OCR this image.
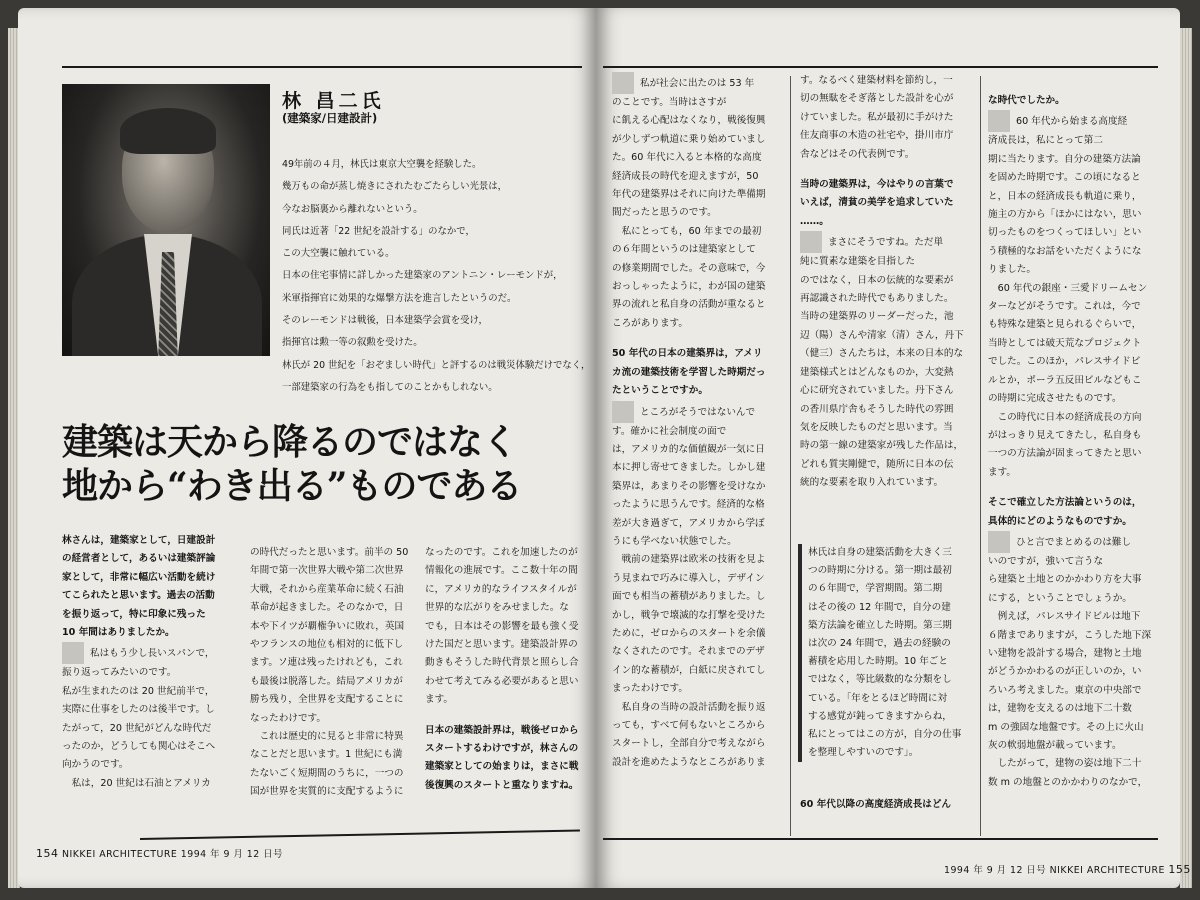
林 昌二氏
(建築家/日建設計)

49年前の４月，林氏は東京大空襲を経験した。

幾万もの命が蒸し焼きにされたむごたらしい光景は，

今なお脳裏から離れないという。

同氏は近著「22 世紀を設計する」のなかで，

この大空襲に触れている。

日本の住宅事情に詳しかった建築家のアントニン・レーモンドが，

米軍指揮官に効果的な爆撃方法を進言したというのだ。

そのレーモンドは戦後，日本建築学会賞を受け，

指揮官は勲一等の叙勲を受けた。

林氏が 20 世紀を「おぞましい時代」と評するのは戦災体験だけでなく，

一部建築家の行為をも指してのことかもしれない。

建築は天から降るのではなく
地から“わき出る”ものである

林さんは，建築家として，日建設計

の経営者として，あるいは建築評論

家として，非常に幅広い活動を続け

てこられたと思います。過去の活動

を振り返って，特に印象に残った

10 年間はありましたか。

私はもう少し長いスパンで，

振り返ってみたいのです。

私が生まれたのは 20 世紀前半で，

実際に仕事をしたのは後半です。し

たがって，20 世紀がどんな時代だ

ったのか，どうしても関心はそこへ

向かうのです。

　私は，20 世紀は石油とアメリカ

の時代だったと思います。前半の 50

年間で第一次世界大戦や第二次世界

大戦，それから産業革命に続く石油

革命が起きました。そのなかで，日

本や下イツが覇権争いに敗れ，英国

やフランスの地位も相対的に低下し

ます。ソ連は残ったけれども，これ

も最後は脱落した。結局アメリカが

勝ち残り，全世界を支配することに

なったわけです。

　これは歴史的に見ると非常に特異

なことだと思います。1 世紀にも満

たないごく短期間のうちに，一つの

国が世界を実質的に支配するように

なったのです。これを加速したのが

情報化の進展です。ここ数十年の間

に，アメリカ的なライフスタイルが

世界的な広がりをみせました。な

でも，日本はその影響を最も強く受

けた国だと思います。建築設計界の

動きもそうした時代背景と照らし合

わせて考えてみる必要があると思い

ます。

日本の建築設計界は，戦後ゼロから

スタートするわけですが，林さんの

建築家としての始まりは，まさに戦

後復興のスタートと重なりますね。

154 NIKKEI ARCHITECTURE 1994 年 9 月 12 日号

私が社会に出たのは 53 年

のことです。当時はさすが

に飢える心配はなくなり，戦後復興

が少しずつ軌道に乗り始めていまし

た。60 年代に入ると本格的な高度

経済成長の時代を迎えますが，50

年代の建築界はそれに向けた準備期

間だったと思うのです。

　私にとっても，60 年までの最初

の６年間というのは建築家として

の修業期間でした。その意味で，今

おっしゃったように，わが国の建築

界の流れと私自身の活動が重なると

ころがあります。

50 年代の日本の建築界は，アメリ

カ流の建築技術を学習した時期だっ

たということですか。

ところがそうではないんで

す。確かに社会制度の面で

は，アメリカ的な価値観が一気に日

本に押し寄せてきました。しかし建

築界は，あまりその影響を受けなか

ったように思うんです。経済的な格

差が大き過ぎて，アメリカから学ぼ

うにも学べない状態でした。

　戦前の建築界は欧米の技術を見よ

う見まねで巧みに導入し，デザイン

面でも相当の蓄積がありました。し

かし，戦争で壊滅的な打撃を受けた

ために，ゼロからのスタートを余儀

なくされたのです。それまでのデザ

イン的な蓄積が，白紙に戻されてし

まったわけです。

　私自身の当時の設計活動を振り返

っても，すべて何もないところから

スタートし，全部自分で考えながら

設計を進めたようなところがありま

す。なるべく建築材料を節約し，一

切の無駄をそぎ落とした設計を心が

けていました。私が最初に手がけた

住友商事の木造の社宅や，掛川市庁

舎などはその代表例です。

当時の建築界は，今はやりの言葉で

いえば，清貧の美学を追求していた

……。

まさにそうですね。ただ単

純に質素な建築を目指した

のではなく，日本の伝統的な要素が

再認識された時代でもありました。

当時の建築界のリーダーだった，池

辺（陽）さんや清家（清）さん，丹下

（健三）さんたちは，本来の日本的な

建築様式とはどんなものか，大変熱

心に研究されていました。丹下さん

の香川県庁舎もそうした時代の雰囲

気を反映したものだと思います。当

時の第一線の建築家が残した作品は，

どれも質実剛健で，随所に日本の伝

統的な要素を取り入れています。

林氏は自身の建築活動を大きく三

つの時期に分ける。第一期は最初

の６年間で，学習期間。第二期

はその後の 12 年間で，自分の建

築方法論を確立した時期。第三期

は次の 24 年間で，過去の経験の

蓄積を応用した時期。10 年ごと

ではなく，等比級数的な分類をし

ている。「年をとるほど時間に対

する感覚が鈍ってきますからね，

私にとってはこの方が，自分の仕事

を整理しやすいのです」。

60 年代以降の高度経済成長はどん

な時代でしたか。

60 年代から始まる高度経

済成長は，私にとって第二

期に当たります。自分の建築方法論

を固めた時期です。この頃になると

と，日本の経済成長も軌道に乗り，

施主の方から「ほかにはない，思い

切ったものをつくってほしい」とい

う積極的なお話をいただくようにな

りました。

　60 年代の銀座・三愛ドリームセン

ターなどがそうです。これは，今で

も特殊な建築と見られるぐらいで，

当時としては破天荒なプロジェクト

でした。このほか，パレスサイドビ

ルとか，ポーラ五反田ビルなどもこ

の時期に完成させたものです。

　この時代に日本の経済成長の方向

がはっきり見えてきたし，私自身も

一つの方法論が固まってきたと思い

ます。

そこで確立した方法論というのは，

具体的にどのようなものですか。

ひと言でまとめるのは難し

いのですが，強いて言うな

ら建築と土地とのかかわり方を大事

にする，ということでしょうか。

　例えば，パレスサイドビルは地下

６階までありますが，こうした地下深

い建物を設計する場合，建物と土地

がどうかかわるのが正しいのか，い

ろいろ考えました。東京の中央部で

は，建物を支えるのは地下二十数

m の強固な地盤です。その上に火山

灰の軟弱地盤が載っています。

　したがって，建物の姿は地下二十

数 m の地盤とのかかわりのなかで，

1994 年 9 月 12 日号 NIKKEI ARCHITECTURE 155
